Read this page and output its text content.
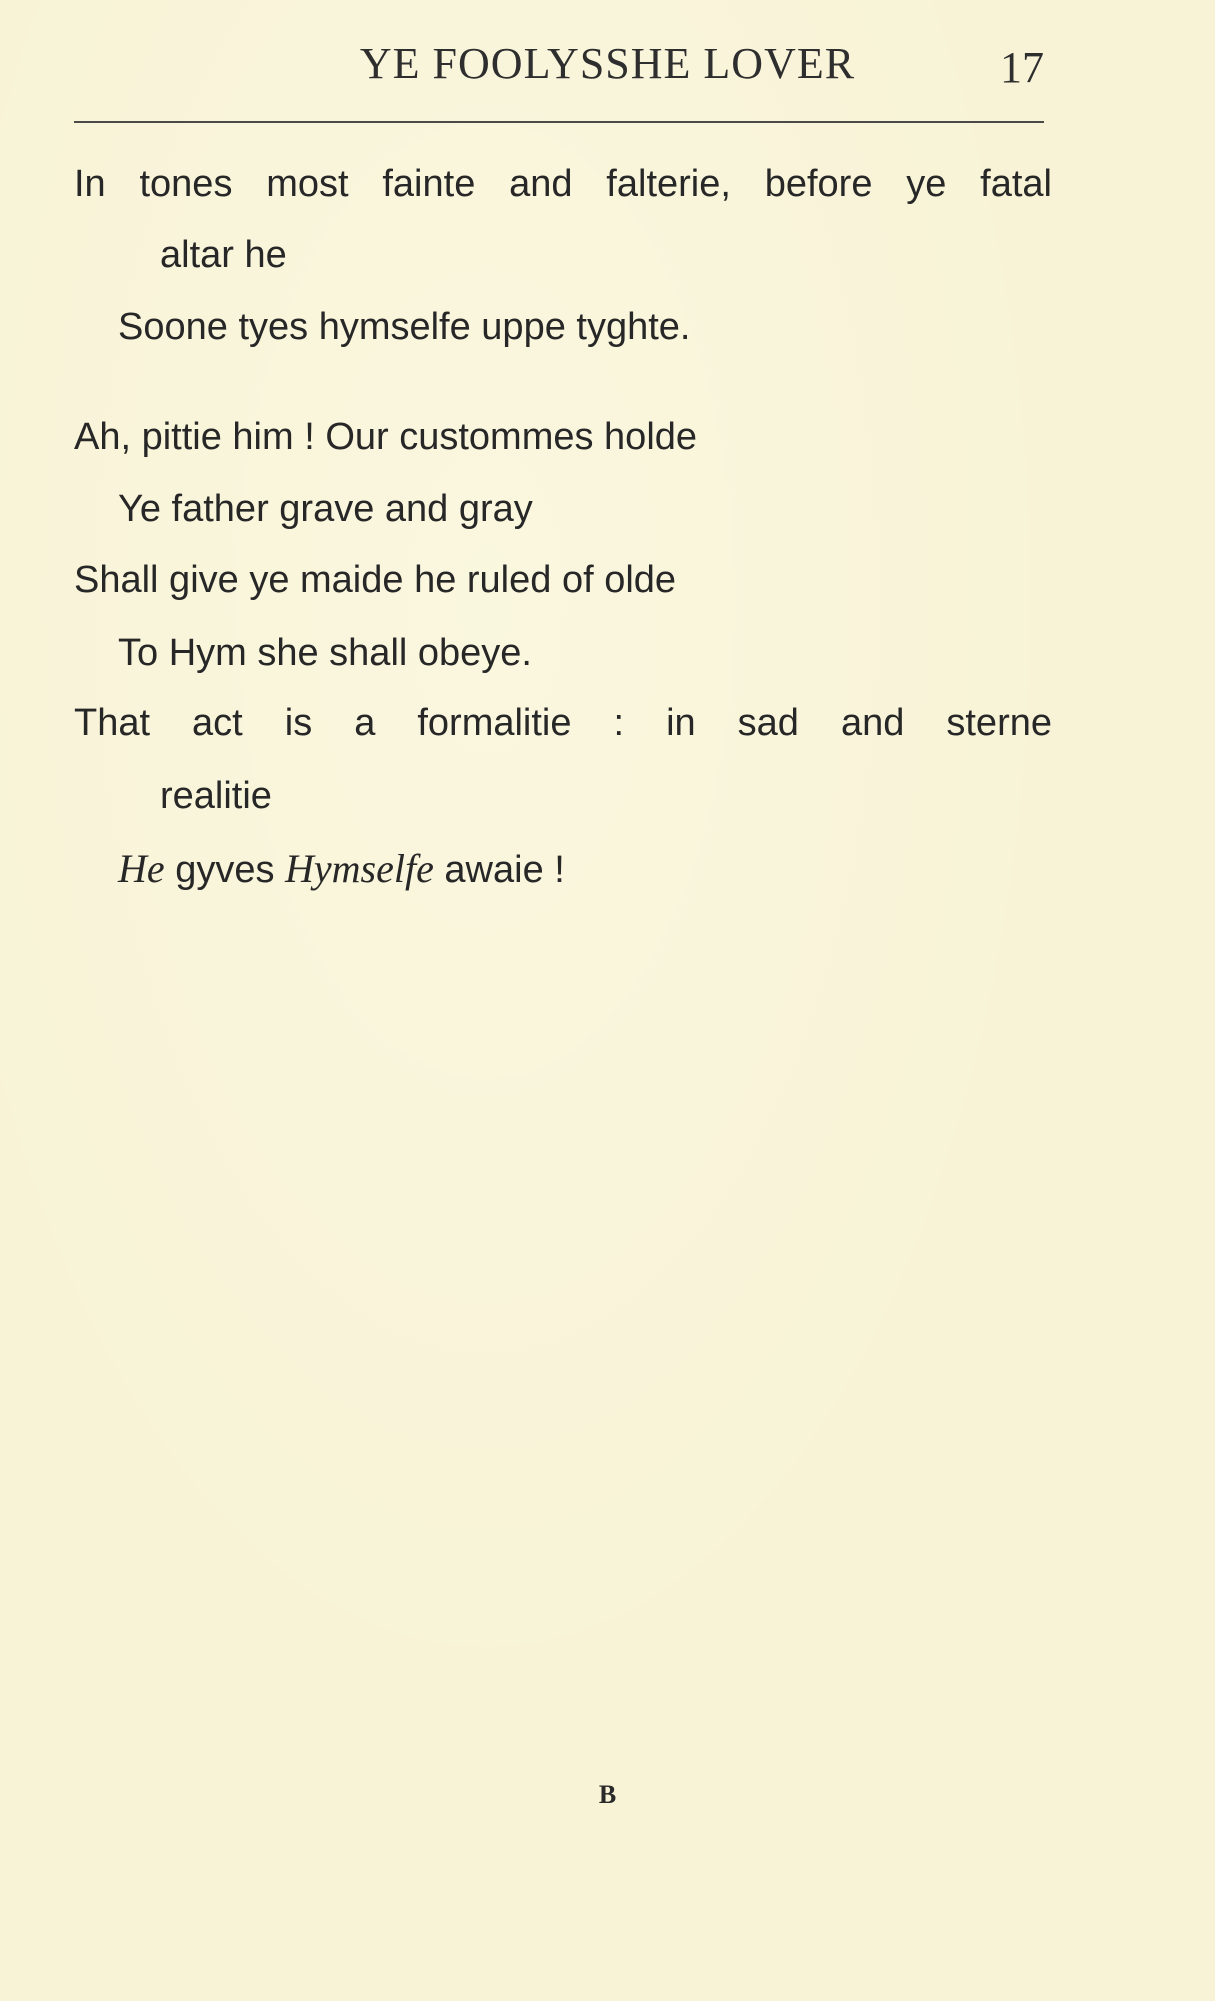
YE FOOLYSSHE LOVER	17
In tones most fainte and falterie, before ye fatal
altar he
Soone tyes hymselfe uppe tyghte.
Ah, pittie him ! Our custommes holde
Ye father grave and gray
Shall give ye maide he ruled of olde
To Hym she shall obeye.
That act is a formalitie : in sad and sterne
realitie
He gyves Hymselfe awaie !
B
